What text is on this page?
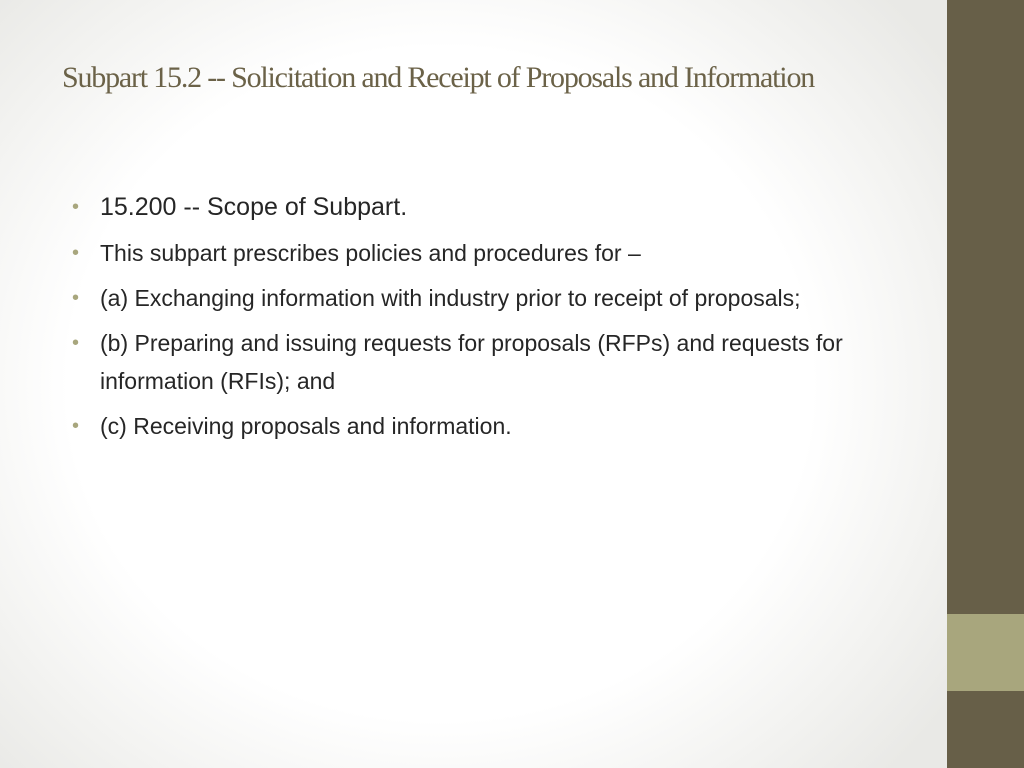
Subpart 15.2 -- Solicitation and Receipt of Proposals and Information
• 15.200 -- Scope of Subpart.
• This subpart prescribes policies and procedures for –
• (a) Exchanging information with industry prior to receipt of proposals;
• (b) Preparing and issuing requests for proposals (RFPs) and requests for information (RFIs); and
• (c) Receiving proposals and information.
